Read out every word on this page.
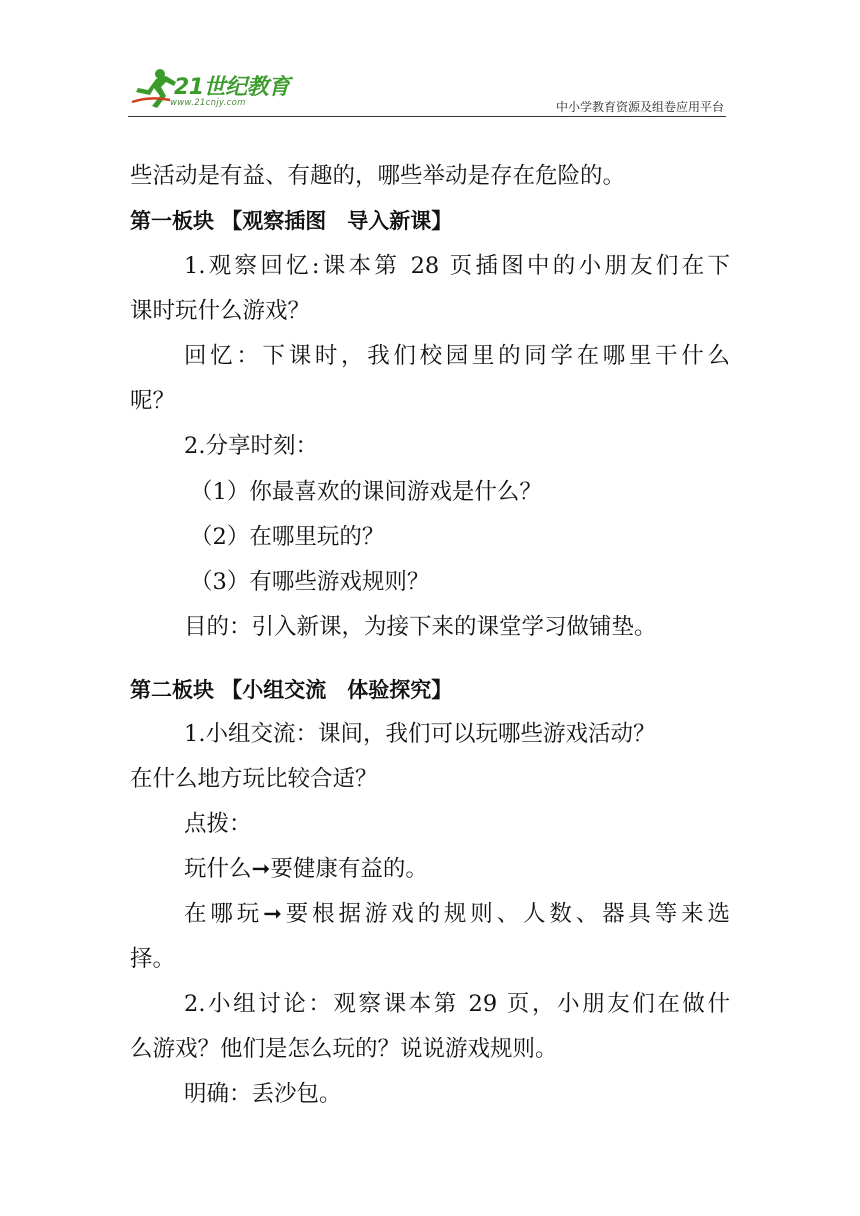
21世纪教育
www.21cnjy.com	中小学教育资源及组卷应用平台
些活动是有益、有趣的，哪些举动是存在危险的。
第一板块 【观察插图　导入新课】
1.观察回忆:课本第 28 页插图中的小朋友们在下
课时玩什么游戏？
回忆：下课时，我们校园里的同学在哪里干什么
呢？
2.分享时刻：
（1）你最喜欢的课间游戏是什么？
（2）在哪里玩的？
（3）有哪些游戏规则？
目的：引入新课，为接下来的课堂学习做铺垫。
第二板块 【小组交流　体验探究】
1.小组交流：课间，我们可以玩哪些游戏活动？
在什么地方玩比较合适？
点拨：
玩什么➞要健康有益的。
在哪玩➞要根据游戏的规则、人数、器具等来选
择。
2.小组讨论：观察课本第 29 页，小朋友们在做什
么游戏？他们是怎么玩的？说说游戏规则。
明确：丢沙包。
